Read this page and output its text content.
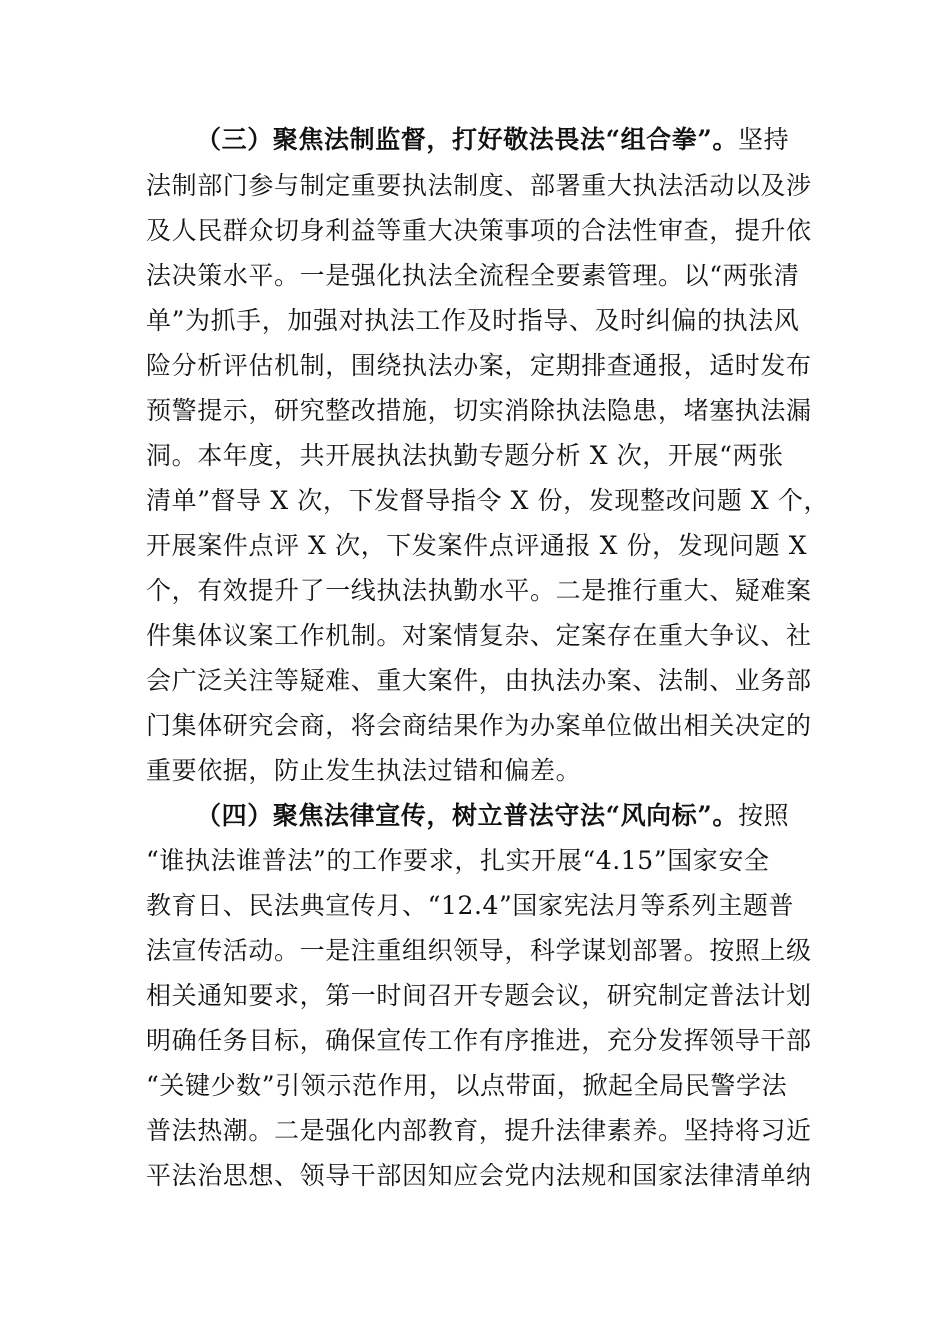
（三）聚焦法制监督，打好敬法畏法“组合拳”。坚持
法制部门参与制定重要执法制度、部署重大执法活动以及涉
及人民群众切身利益等重大决策事项的合法性审查，提升依
法决策水平。一是强化执法全流程全要素管理。以“两张清
单”为抓手，加强对执法工作及时指导、及时纠偏的执法风
险分析评估机制，围绕执法办案，定期排查通报，适时发布
预警提示，研究整改措施，切实消除执法隐患，堵塞执法漏
洞。本年度，共开展执法执勤专题分析 X 次，开展“两张
清单”督导 X 次，下发督导指令 X 份，发现整改问题 X 个，
开展案件点评 X 次，下发案件点评通报 X 份，发现问题 X
个，有效提升了一线执法执勤水平。二是推行重大、疑难案
件集体议案工作机制。对案情复杂、定案存在重大争议、社
会广泛关注等疑难、重大案件，由执法办案、法制、业务部
门集体研究会商，将会商结果作为办案单位做出相关决定的
重要依据，防止发生执法过错和偏差。
（四）聚焦法律宣传，树立普法守法“风向标”。按照
“谁执法谁普法”的工作要求，扎实开展“4.15”国家安全
教育日、民法典宣传月、“12.4”国家宪法月等系列主题普
法宣传活动。一是注重组织领导，科学谋划部署。按照上级
相关通知要求，第一时间召开专题会议，研究制定普法计划
明确任务目标，确保宣传工作有序推进，充分发挥领导干部
“关键少数”引领示范作用，以点带面，掀起全局民警学法
普法热潮。二是强化内部教育，提升法律素养。坚持将习近
平法治思想、领导干部因知应会党内法规和国家法律清单纳
